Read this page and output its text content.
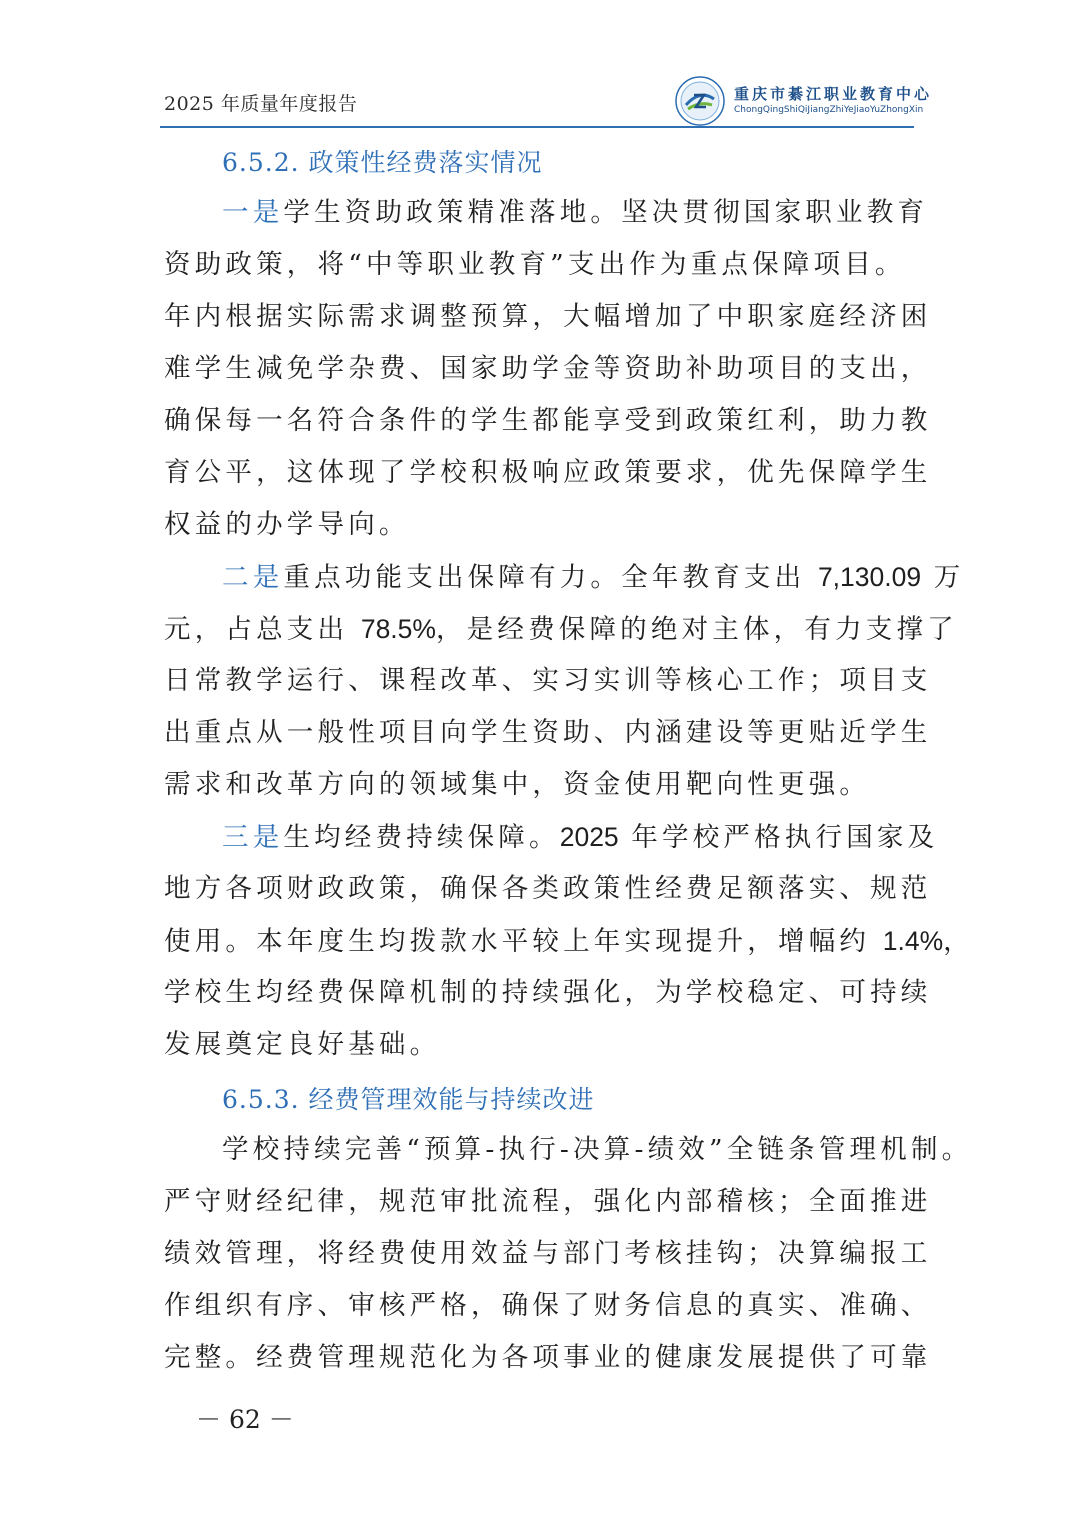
2025 年质量年度报告	重庆市綦江职业教育中心
ChongQingShiQiJiangZhiYeJiaoYuZhongXin
6.5.2. 政策性经费落实情况
一是学生资助政策精准落地。坚决贯彻国家职业教育
资助政策，将“中等职业教育”支出作为重点保障项目。
年内根据实际需求调整预算，大幅增加了中职家庭经济困
难学生减免学杂费、国家助学金等资助补助项目的支出，
确保每一名符合条件的学生都能享受到政策红利，助力教
育公平，这体现了学校积极响应政策要求，优先保障学生
权益的办学导向。
二是重点功能支出保障有力。全年教育支出 7,130.09 万
元，占总支出 78.5%，是经费保障的绝对主体，有力支撑了
日常教学运行、课程改革、实习实训等核心工作；项目支
出重点从一般性项目向学生资助、内涵建设等更贴近学生
需求和改革方向的领域集中，资金使用靶向性更强。
三是生均经费持续保障。2025 年学校严格执行国家及
地方各项财政政策，确保各类政策性经费足额落实、规范
使用。本年度生均拨款水平较上年实现提升，增幅约 1.4%，
学校生均经费保障机制的持续强化，为学校稳定、可持续
发展奠定良好基础。
6.5.3. 经费管理效能与持续改进
学校持续完善“预算-执行-决算-绩效”全链条管理机制。
严守财经纪律，规范审批流程，强化内部稽核；全面推进
绩效管理，将经费使用效益与部门考核挂钩；决算编报工
作组织有序、审核严格，确保了财务信息的真实、准确、
完整。经费管理规范化为各项事业的健康发展提供了可靠
－ 62 －
